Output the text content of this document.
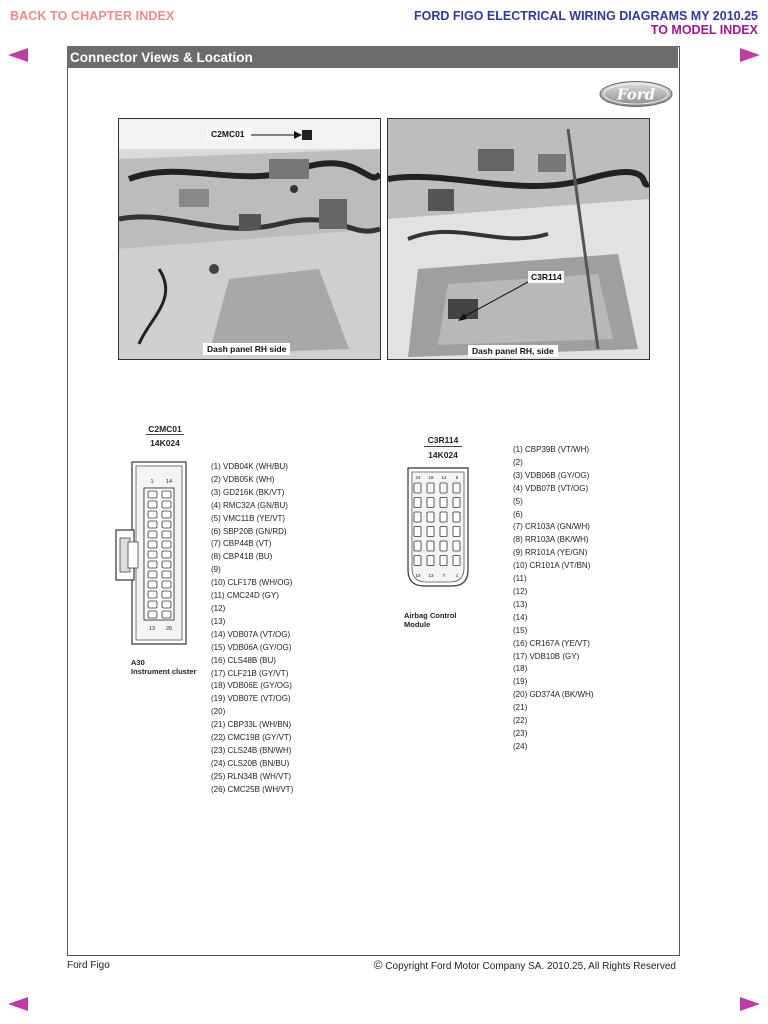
BACK TO CHAPTER INDEX	FORD FIGO ELECTRICAL WIRING DIAGRAMS MY 2010.25
TO MODEL INDEX
Connector Views & Location
Ford
C2MC01
Dash panel RH side
C3R114
Dash panel RH, side
C2MC01
14K024
1 14
13 26
A30
Instrument cluster
(1) VDB04K (WH/BU)
(2) VDB05K (WH)
(3) GD216K (BK/VT)
(4) RMC32A (GN/BU)
(5) VMC11B (YE/VT)
(6) SBP20B (GN/RD)
(7) CBP44B (VT)
(8) CBP41B (BU)
(9)
(10) CLF17B (WH/OG)
(11) CMC24D (GY)
(12)
(13)
(14) VDB07A (VT/OG)
(15) VDB06A (GY/OG)
(16) CLS48B (BU)
(17) CLF21B (GY/VT)
(18) VDB06E (GY/OG)
(19) VDB07E (VT/OG)
(20)
(21) CBP33L (WH/BN)
(22) CMC19B (GY/VT)
(23) CLS24B (BN/WH)
(24) CLS20B (BN/BU)
(25) RLN34B (WH/VT)
(26) CMC25B (WH/VT)
C3R114
14K024
24 18 12 6
19 13 7 1
Airbag Control
Module
(1) CBP39B (VT/WH)
(2)
(3) VDB06B (GY/OG)
(4) VDB07B (VT/OG)
(5)
(6)
(7) CR103A (GN/WH)
(8) RR103A (BK/WH)
(9) RR101A (YE/GN)
(10) CR101A (VT/BN)
(11)
(12)
(13)
(14)
(15)
(16) CR167A (YE/VT)
(17) VDB10B (GY)
(18)
(19)
(20) GD374A (BK/WH)
(21)
(22)
(23)
(24)
Ford Figo	© Copyright Ford Motor Company SA. 2010.25, All Rights Reserved
